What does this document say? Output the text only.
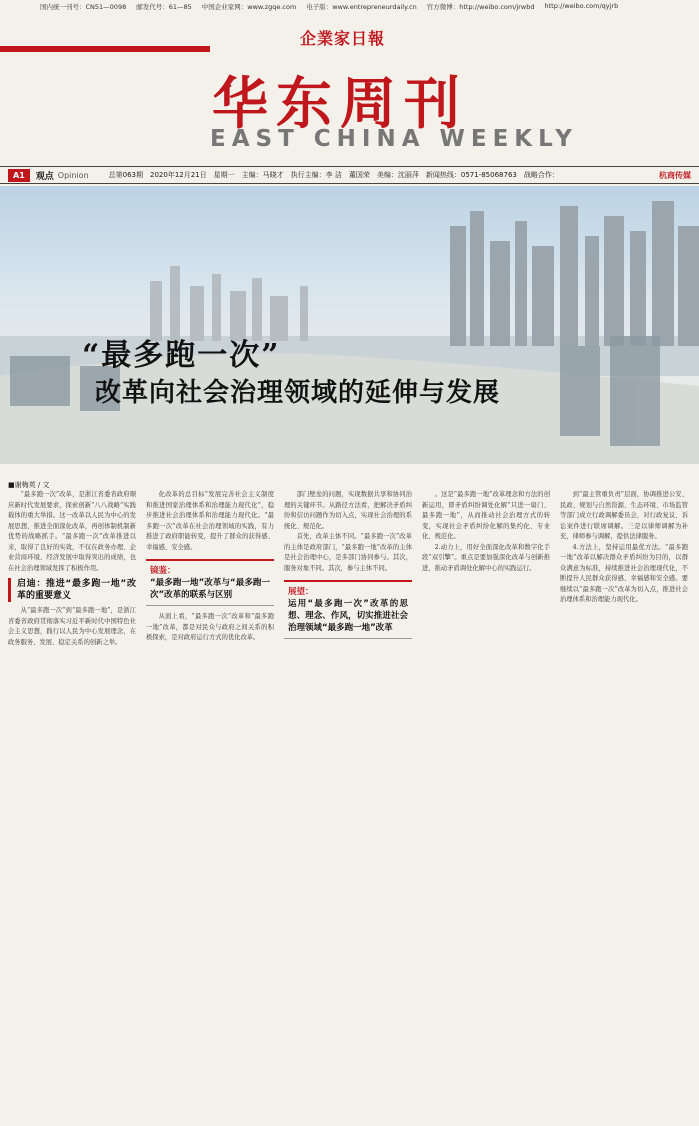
国内统一刊号：CN51—0098 邮发代号：61—85 中国企业家网：www.zgqe.com 电子版：www.entrepreneurdaily.cn 官方微博：http://weibo.com/jrwbd http://weibo.com/qyjrb
企業家日報
华东周刊
EAST CHINA WEEKLY
A1	观点 Opinion	总第063期 2020年12月21日 星期一 主编：马晓才 执行主编：李 洁 董国荣 美编：沈丽萍 新闻热线：0571-85068763 战略合作：	杭商传媒
“最多跑一次”
改革向社会治理领域的延伸与发展
■谢梅英 / 文

“最多跑一次”改革，是浙江省委省政府顺应新时代发展要求，探索创新“八八战略”实践载体的重大举措。这一改革以人民为中心的发展思想，推进全面深化改革，再创体制机制新优势的战略抓手。“最多跑一次”改革推进以来，取得了良好的实效，不仅在政务办理、企业营商环境、经济发展中取得突出的成绩，也在社会治理领域发挥了积极作用。

启迪：推进“最多跑一地”改革的重要意义

从“最多跑一次”到“最多跑一地”，是浙江省委省政府贯彻落实习近平新时代中国特色社会主义思想，践行以人民为中心发展理念，在政务服务、发展、稳定关系的创新之举。

化改革的总目标“发展完善社会主义制度和推进国家治理体系和治理能力现代化”，稳步推进社会治理体系和治理能力现代化。“最多跑一次”改革在社会治理领域的实践，有力推进了政府职能转变，提升了群众的获得感、幸福感、安全感。

镜鉴：
“最多跑一地”改革与“最多跑一次”改革的联系与区别

从面上看，“最多跑一次”改革和“最多跑一地”改革，都是对民众与政府之间关系的积极探索，是对政府运行方式的优化改革。

部门壁垒的问题，实现数据共享和协同治理的关键环节。从路径方法看，把解决矛盾纠纷和信访问题作为切入点，实现社会治理的系统化、规范化。

首先，改革主体不同。“最多跑一次”改革的主体是政府部门，“最多跑一地”改革的主体是社会治理中心，是多部门协同参与。其次，服务对象不同。其次，参与主体不同。

展望：
运用“最多跑一次”改革的思想、理念、作风，切实推进社会治理领域“最多跑一地”改革

。这是“最多跑一地”改革理念和方法的创新运用，即矛盾纠纷调处化解“只进一扇门、最多跑一地”，从而推动社会治理方式的转变，实现社会矛盾纠纷化解的集约化、专业化、规范化。

2.动力上，用好全面深化改革和数字化手段“双引擎”。重点是要加强深化改革与创新推进，推动矛盾调处化解中心的实践运行。

到“最主管重负责”层面，协调推进公安、民政、规划与自然资源、生态环境、市场监管等部门成立行政调解委员会，对行政复议、诉讼案件进行联席调解。三是以律师调解为补充，律师参与调解，提供法律服务。

4.方法上，坚持运用最优方法。“最多跑一地”改革以解决群众矛盾纠纷为目的，以群众满意为标准，持续推进社会治理现代化，不断提升人民群众获得感、幸福感和安全感。要继续以“最多跑一次”改革为切入点，推进社会治理体系和治理能力现代化。
